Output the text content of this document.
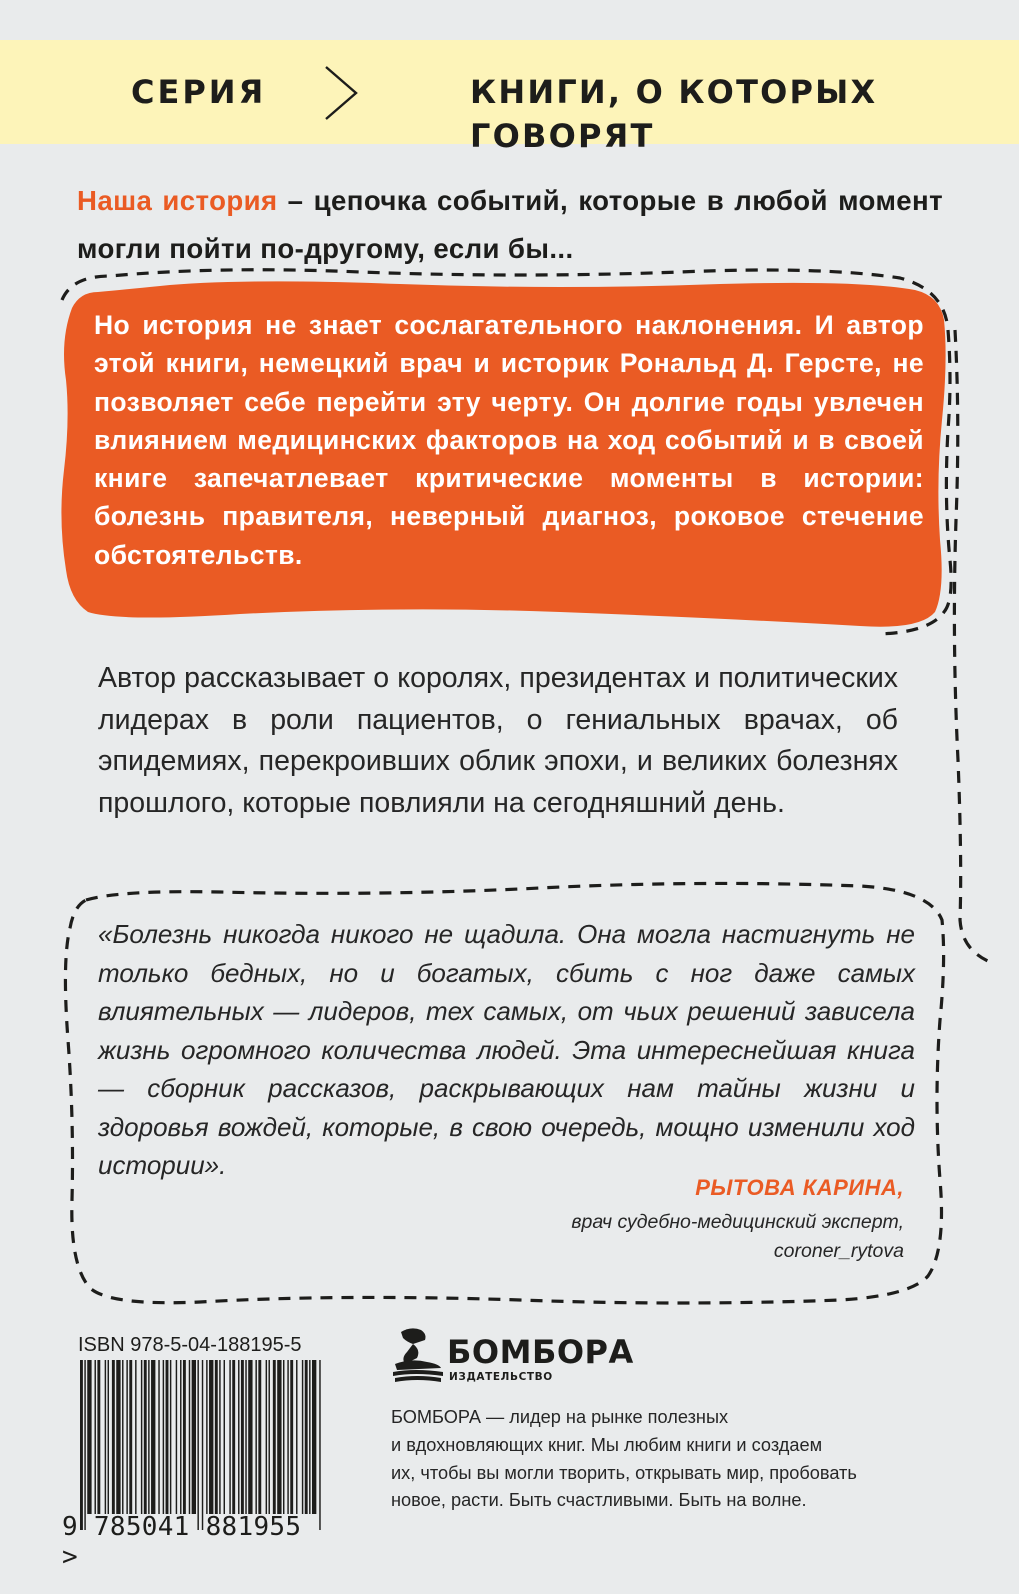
СЕРИЯ	КНИГИ, О КОТОРЫХ ГОВОРЯТ

Наша история – цепочка событий, которые в любой момент могли пойти по-другому, если бы...

Но история не знает сослагательного наклонения. И автор этой книги, немецкий врач и историк Рональд Д. Герсте, не позволяет себе перейти эту черту. Он долгие годы увлечен влиянием медицинских факторов на ход событий и в своей книге запечатлевает критические моменты в истории: болезнь правителя, неверный диагноз, роковое стечение обстоятельств.

Автор рассказывает о королях, президентах и политических лидерах в роли пациентов, о гениальных врачах, об эпидемиях, перекроивших облик эпохи, и великих болезнях прошлого, которые повлияли на сегодняшний день.

«Болезнь никогда никого не щадила. Она могла настигнуть не только бедных, но и богатых, сбить с ног даже самых влиятельных — лидеров, тех самых, от чьих решений зависела жизнь огромного количества людей. Эта интереснейшая книга — сборник рассказов, раскрывающих нам тайны жизни и здоровья вождей, которые, в свою очередь, мощно изменили ход истории».

РЫТОВА КАРИНА,

врач судебно-медицинский эксперт,
coroner_rytova

ISBN 978-5-04-188195-5

9 785041 881955 >

БОМБОРА

ИЗДАТЕЛЬСТВО

БОМБОРА — лидер на рынке полезных
и вдохновляющих книг. Мы любим книги и создаем
их, чтобы вы могли творить, открывать мир, пробовать
новое, расти. Быть счастливыми. Быть на волне.
